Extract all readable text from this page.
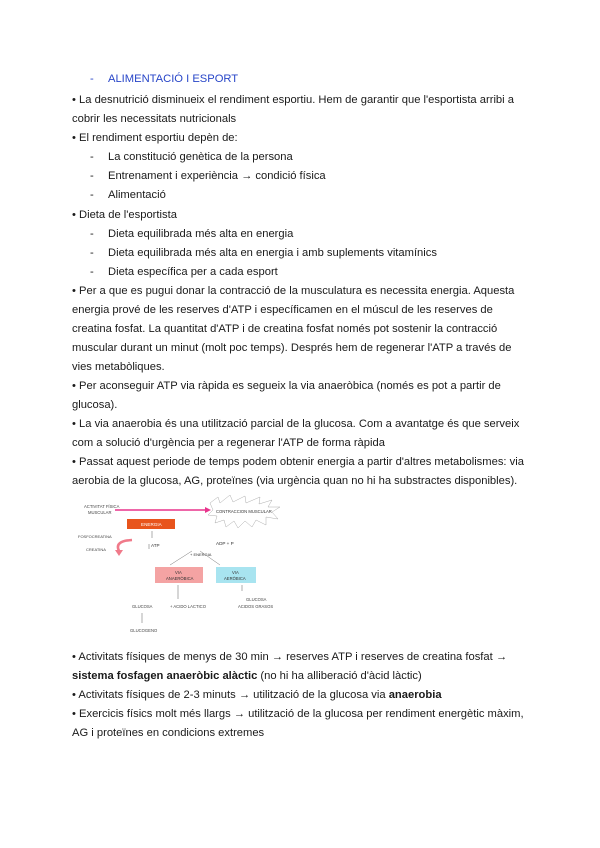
- ALIMENTACIÓ I ESPORT
• La desnutrició disminueix el rendiment esportiu. Hem de garantir que l'esportista arribi a
cobrir les necessitats nutricionals
• El rendiment esportiu depèn de:
- La constitució genètica de la persona
- Entrenament i experiència → condició física
- Alimentació
• Dieta de l'esportista
- Dieta equilibrada més alta en energia
- Dieta equilibrada més alta en energia i amb suplements vitamínics
- Dieta específica per a cada esport
• Per a que es pugui donar la contracció de la musculatura es necessita energia. Aquesta
energia prové de les reserves d'ATP i específicamen en el múscul de les reserves de
creatina fosfat. La quantitat d'ATP i de creatina fosfat només pot sostenir la contracció
muscular durant un minut (molt poc temps). Després hem de regenerar l'ATP a través de
vies metabòliques.
• Per aconseguir ATP via ràpida es segueix la via anaeròbica (només es pot a partir de
glucosa).
• La via anaerobia és una utilització parcial de la glucosa. Com a avantatge és que serveix
com a solució d'urgència per a regenerar l'ATP de forma ràpida
• Passat aquest periode de temps podem obtenir energia a partir d'altres metabolismes: via
aerobia de la glucosa, AG, proteïnes (via urgència quan no hi ha substractes disponibles).
ACTIVITAT FÍSICA
MUSCULAR	CONTRACCION MUSCULAR
ENERGIA
FOSFOCREATINA
CREATINA
ATP	ADP + P
+ ENERGIA
VIA
ANAERÒBICA
VIA
AERÒBICA
GLUCOSA	+ ACIDO LACTICO
GLUCOGENO
GLUCOSA
ACIDOS GRASOS
• Activitats físiques de menys de 30 min → reserves ATP i reserves de creatina fosfat →
sistema fosfagen anaeròbic alàctic (no hi ha alliberació d'àcid làctic)
• Activitats físiques de 2-3 minuts → utilització de la glucosa via anaerobia
• Exercicis físics molt més llargs → utilització de la glucosa per rendiment energètic màxim,
AG i proteïnes en condicions extremes
